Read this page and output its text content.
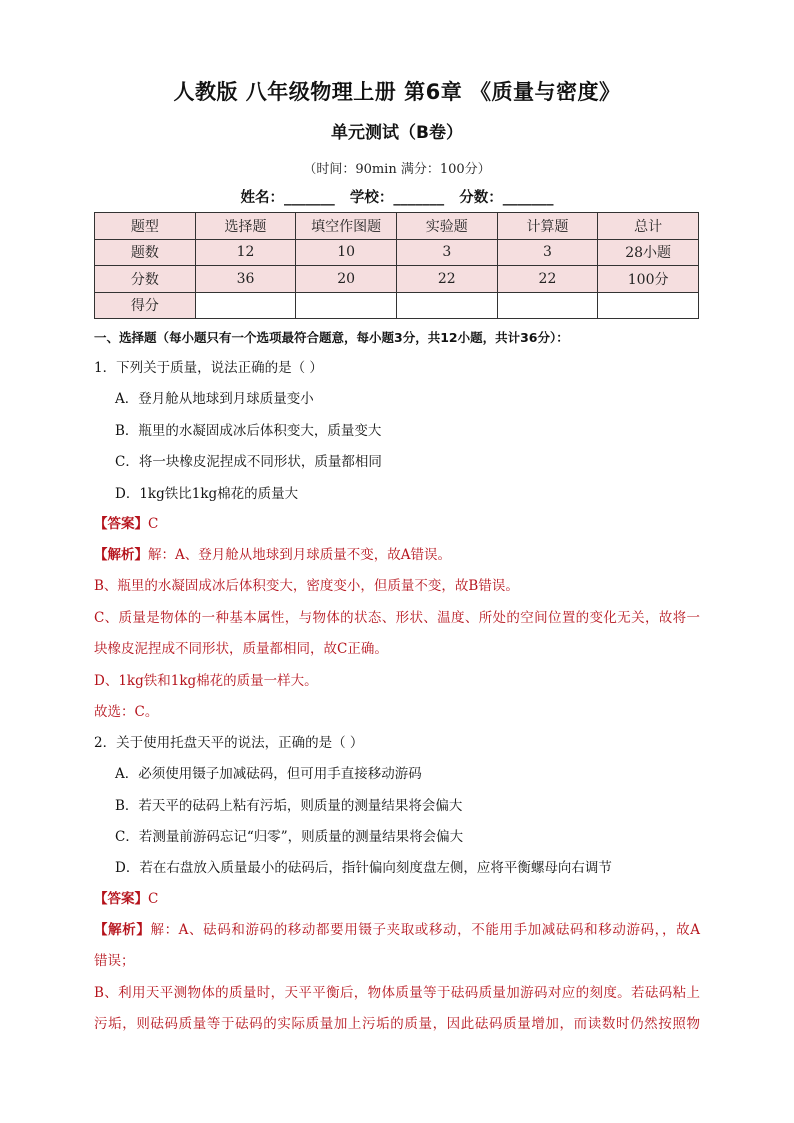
人教版 八年级物理上册 第6章 《质量与密度》
单元测试（B卷）
（时间：90min 满分：100分）
姓名：_______   学校：_______   分数：_______
题型	选择题	填空作图题	实验题	计算题	总计
题数	12	10	3	3	28小题
分数	36	20	22	22	100分
得分					
一、选择题（每小题只有一个选项最符合题意，每小题3分，共12小题，共计36分）：
1．下列关于质量，说法正确的是（ ）
A．登月舱从地球到月球质量变小
B．瓶里的水凝固成冰后体积变大，质量变大
C．将一块橡皮泥捏成不同形状，质量都相同
D．1kg铁比1kg棉花的质量大
【答案】C
【解析】解：A、登月舱从地球到月球质量不变，故A错误。
B、瓶里的水凝固成冰后体积变大，密度变小，但质量不变，故B错误。
C、质量是物体的一种基本属性，与物体的状态、形状、温度、所处的空间位置的变化无关，故将一
块橡皮泥捏成不同形状，质量都相同，故C正确。
D、1kg铁和1kg棉花的质量一样大。
故选：C。
2．关于使用托盘天平的说法，正确的是（ ）
A．必须使用镊子加减砝码，但可用手直接移动游码
B．若天平的砝码上粘有污垢，则质量的测量结果将会偏大
C．若测量前游码忘记“归零”，则质量的测量结果将会偏大
D．若在右盘放入质量最小的砝码后，指针偏向刻度盘左侧，应将平衡螺母向右调节
【答案】C
【解析】解：A、砝码和游码的移动都要用镊子夹取或移动，不能用手加减砝码和移动游码，，故A
错误；
B、利用天平测物体的质量时，天平平衡后，物体质量等于砝码质量加游码对应的刻度。若砝码粘上
污垢，则砝码质量等于砝码的实际质量加上污垢的质量，因此砝码质量增加，而读数时仍然按照物
